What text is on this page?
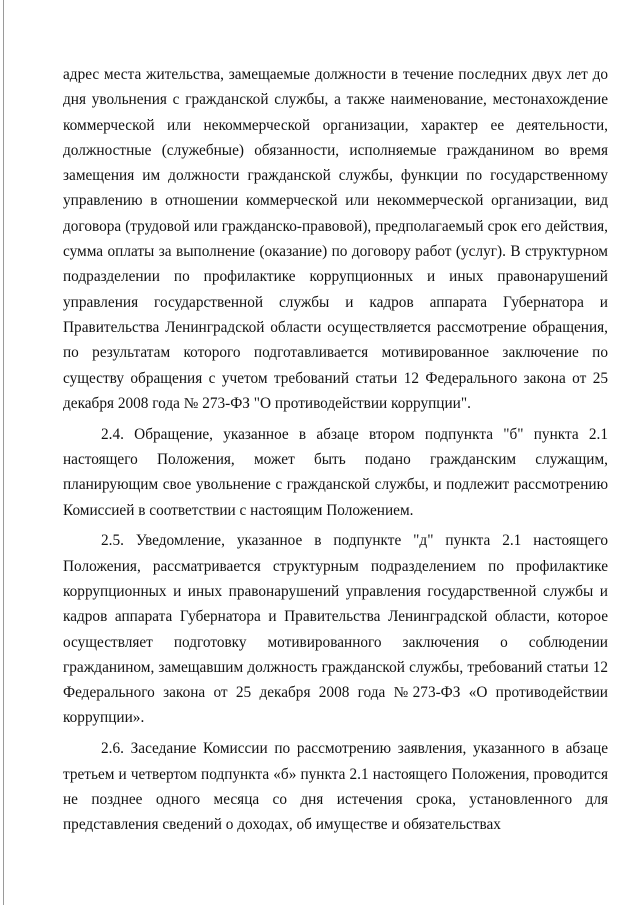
адрес места жительства, замещаемые должности в течение последних двух лет до дня увольнения с гражданской службы, а также наименование, местонахождение коммерческой или некоммерческой организации, характер ее деятельности, должностные (служебные) обязанности, исполняемые гражданином во время замещения им должности гражданской службы, функции по государственному управлению в отношении коммерческой или некоммерческой организации, вид договора (трудовой или гражданско-правовой), предполагаемый срок его действия, сумма оплаты за выполнение (оказание) по договору работ (услуг). В структурном подразделении по профилактике коррупционных и иных правонарушений управления государственной службы и кадров аппарата Губернатора и Правительства Ленинградской области осуществляется рассмотрение обращения, по результатам которого подготавливается мотивированное заключение по существу обращения с учетом требований статьи 12 Федерального закона от 25 декабря 2008 года № 273-ФЗ "О противодействии коррупции".

2.4. Обращение, указанное в абзаце втором подпункта "б" пункта 2.1 настоящего Положения, может быть подано гражданским служащим, планирующим свое увольнение с гражданской службы, и подлежит рассмотрению Комиссией в соответствии с настоящим Положением.

2.5. Уведомление, указанное в подпункте "д" пункта 2.1 настоящего Положения, рассматривается структурным подразделением по профилактике коррупционных и иных правонарушений управления государственной службы и кадров аппарата Губернатора и Правительства Ленинградской области, которое осуществляет подготовку мотивированного заключения о соблюдении гражданином, замещавшим должность гражданской службы, требований статьи 12 Федерального закона от 25 декабря 2008 года №273-ФЗ «О противодействии коррупции».

2.6. Заседание Комиссии по рассмотрению заявления, указанного в абзаце третьем и четвертом подпункта «б» пункта 2.1 настоящего Положения, проводится не позднее одного месяца со дня истечения срока, установленного для представления сведений о доходах, об имуществе и обязательствах
